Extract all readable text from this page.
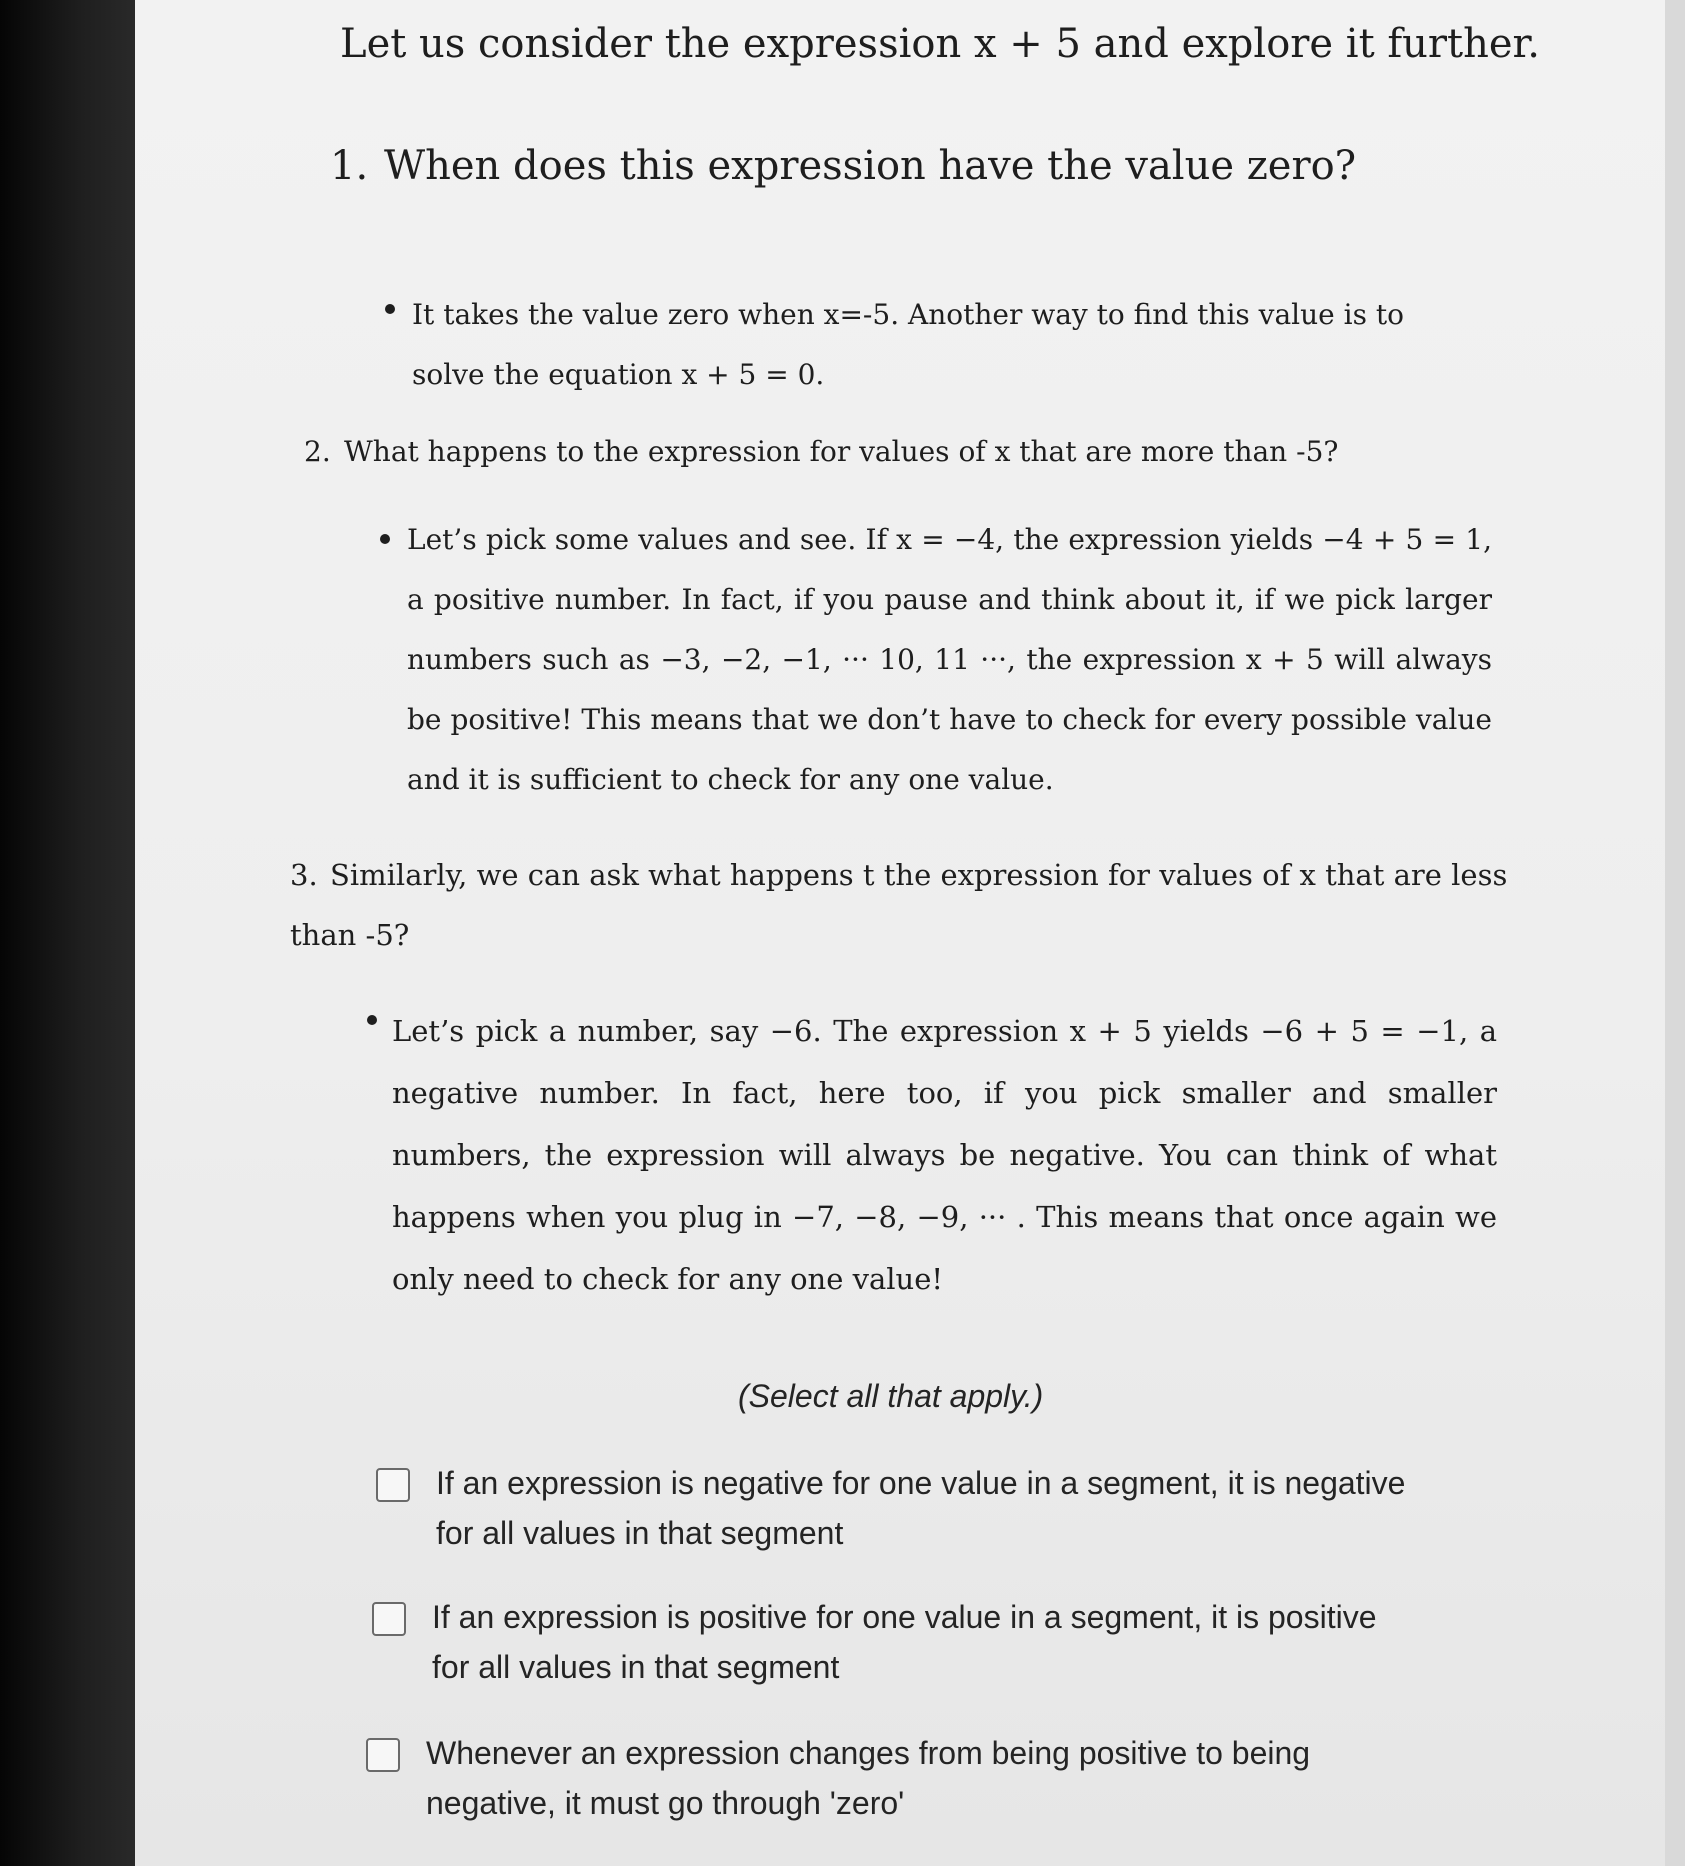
Let us consider the expression x + 5 and explore it further.

1. When does this expression have the value zero?

It takes the value zero when x=-5. Another way to find this value is to solve the equation x + 5 = 0.

2. What happens to the expression for values of x that are more than -5?

Let’s pick some values and see. If x = −4, the expression yields −4 + 5 = 1, a positive number. In fact, if you pause and think about it, if we pick larger numbers such as −3, −2, −1, ··· 10, 11 ···, the expression x + 5 will always be positive! This means that we don’t have to check for every possible value and it is sufficient to check for any one value.

3. Similarly, we can ask what happens t the expression for values of x that are less than -5?

Let’s pick a number, say −6. The expression x + 5 yields −6 + 5 = −1, a negative number. In fact, here too, if you pick smaller and smaller numbers, the expression will always be negative. You can think of what happens when you plug in −7, −8, −9, ··· . This means that once again we only need to check for any one value!

(Select all that apply.)

If an expression is negative for one value in a segment, it is negative for all values in that segment
If an expression is positive for one value in a segment, it is positive for all values in that segment
Whenever an expression changes from being positive to being negative, it must go through 'zero'
